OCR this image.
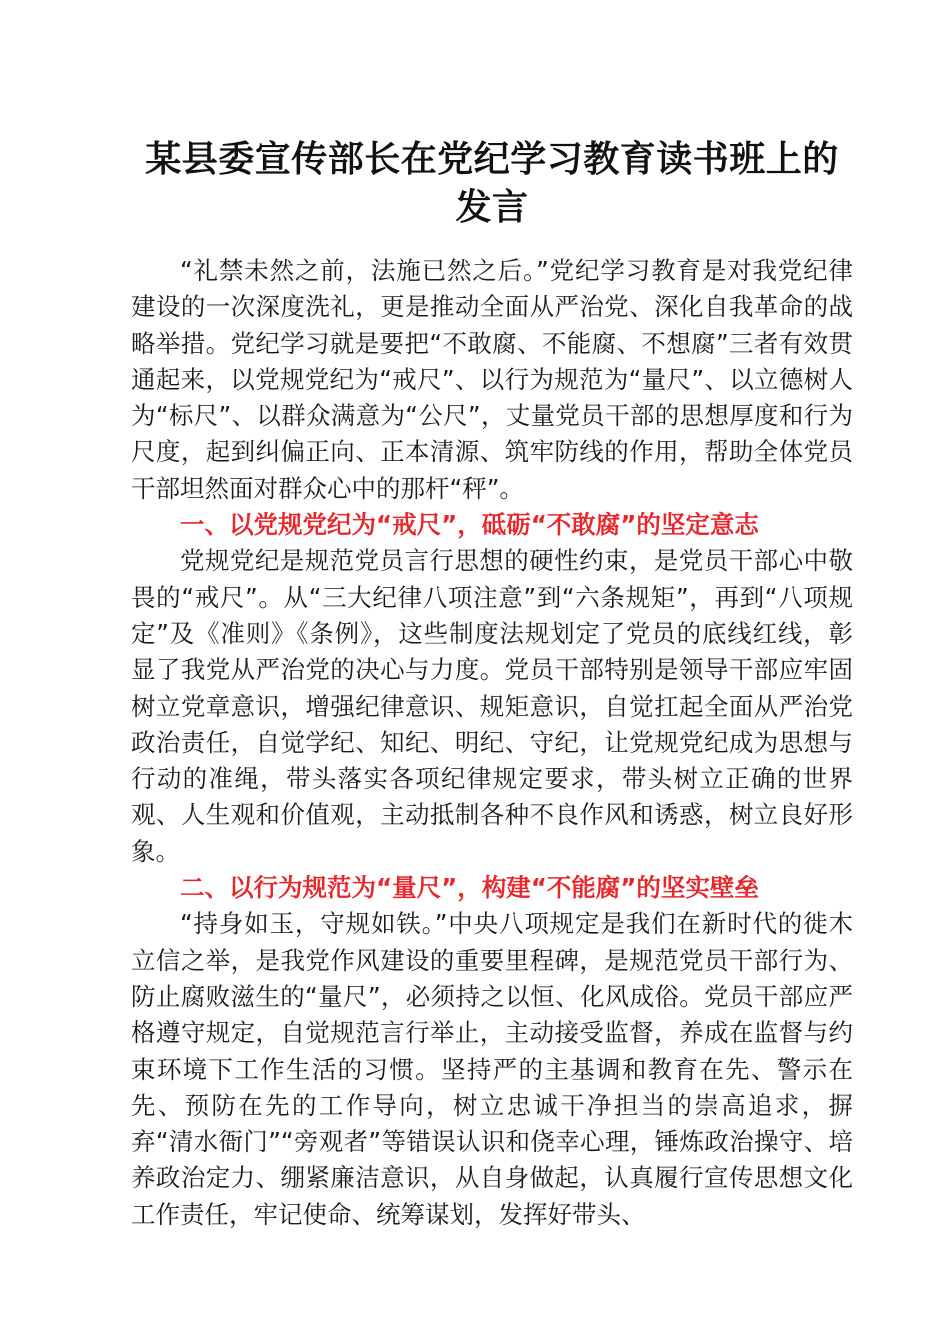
某县委宣传部长在党纪学习教育读书班上的发言

“礼禁未然之前，法施已然之后。”党纪学习教育是对我党纪律建设的一次深度洗礼，更是推动全面从严治党、深化自我革命的战略举措。党纪学习就是要把“不敢腐、不能腐、不想腐”三者有效贯通起来，以党规党纪为“戒尺”、以行为规范为“量尺”、以立德树人为“标尺”、以群众满意为“公尺”，丈量党员干部的思想厚度和行为尺度，起到纠偏正向、正本清源、筑牢防线的作用，帮助全体党员干部坦然面对群众心中的那杆“秤”。

一、以党规党纪为“戒尺”，砥砺“不敢腐”的坚定意志

党规党纪是规范党员言行思想的硬性约束，是党员干部心中敬畏的“戒尺”。从“三大纪律八项注意”到“六条规矩”，再到“八项规定”及《准则》《条例》，这些制度法规划定了党员的底线红线，彰显了我党从严治党的决心与力度。党员干部特别是领导干部应牢固树立党章意识，增强纪律意识、规矩意识，自觉扛起全面从严治党政治责任，自觉学纪、知纪、明纪、守纪，让党规党纪成为思想与行动的准绳，带头落实各项纪律规定要求，带头树立正确的世界观、人生观和价值观，主动抵制各种不良作风和诱惑，树立良好形象。

二、以行为规范为“量尺”，构建“不能腐”的坚实壁垒

“持身如玉，守规如铁。”中央八项规定是我们在新时代的徙木立信之举，是我党作风建设的重要里程碑，是规范党员干部行为、防止腐败滋生的“量尺”，必须持之以恒、化风成俗。党员干部应严格遵守规定，自觉规范言行举止，主动接受监督，养成在监督与约束环境下工作生活的习惯。坚持严的主基调和教育在先、警示在先、预防在先的工作导向，树立忠诚干净担当的崇高追求，摒弃“清水衙门”“旁观者”等错误认识和侥幸心理，锤炼政治操守、培养政治定力、绷紧廉洁意识，从自身做起，认真履行宣传思想文化工作责任，牢记使命、统筹谋划，发挥好带头、
